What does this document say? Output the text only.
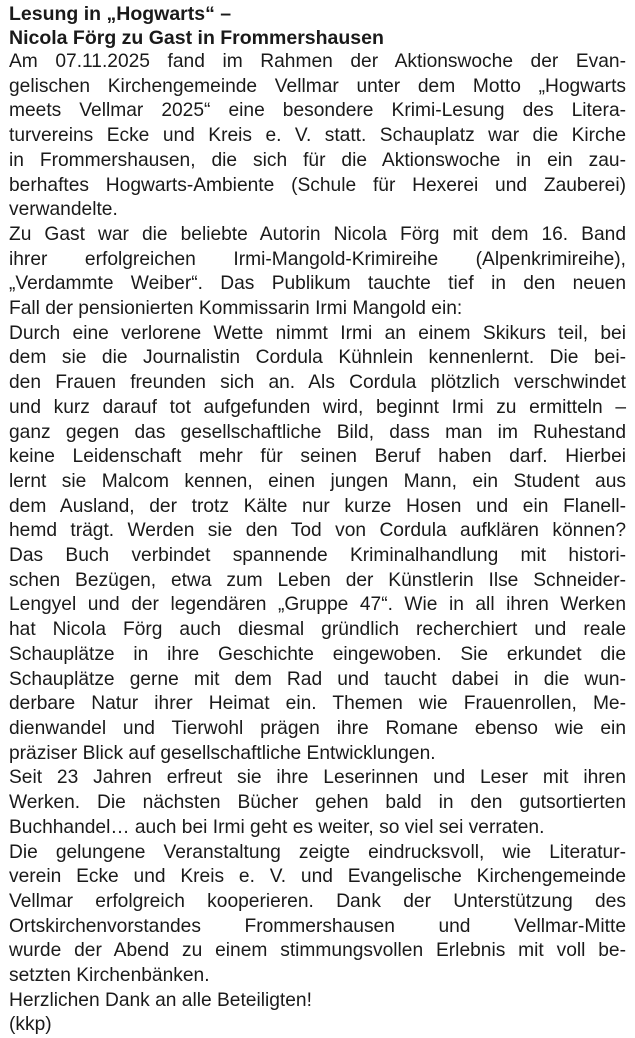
Lesung in „Hogwarts“ –
Nicola Förg zu Gast in Frommershausen
Am 07.11.2025 fand im Rahmen der Aktionswoche der Evan-
gelischen Kirchengemeinde Vellmar unter dem Motto „Hogwarts
meets Vellmar 2025“ eine besondere Krimi-Lesung des Litera-
turvereins Ecke und Kreis e. V. statt. Schauplatz war die Kirche
in Frommershausen, die sich für die Aktionswoche in ein zau-
berhaftes Hogwarts-Ambiente (Schule für Hexerei und Zauberei)
verwandelte.
Zu Gast war die beliebte Autorin Nicola Förg mit dem 16. Band
ihrer erfolgreichen Irmi-Mangold-Krimireihe (Alpenkrimireihe),
„Verdammte Weiber“. Das Publikum tauchte tief in den neuen
Fall der pensionierten Kommissarin Irmi Mangold ein:
Durch eine verlorene Wette nimmt Irmi an einem Skikurs teil, bei
dem sie die Journalistin Cordula Kühnlein kennenlernt. Die bei-
den Frauen freunden sich an. Als Cordula plötzlich verschwindet
und kurz darauf tot aufgefunden wird, beginnt Irmi zu ermitteln –
ganz gegen das gesellschaftliche Bild, dass man im Ruhestand
keine Leidenschaft mehr für seinen Beruf haben darf. Hierbei
lernt sie Malcom kennen, einen jungen Mann, ein Student aus
dem Ausland, der trotz Kälte nur kurze Hosen und ein Flanell-
hemd trägt. Werden sie den Tod von Cordula aufklären können?
Das Buch verbindet spannende Kriminalhandlung mit histori-
schen Bezügen, etwa zum Leben der Künstlerin Ilse Schneider-
Lengyel und der legendären „Gruppe 47“. Wie in all ihren Werken
hat Nicola Förg auch diesmal gründlich recherchiert und reale
Schauplätze in ihre Geschichte eingewoben. Sie erkundet die
Schauplätze gerne mit dem Rad und taucht dabei in die wun-
derbare Natur ihrer Heimat ein. Themen wie Frauenrollen, Me-
dienwandel und Tierwohl prägen ihre Romane ebenso wie ein
präziser Blick auf gesellschaftliche Entwicklungen.
Seit 23 Jahren erfreut sie ihre Leserinnen und Leser mit ihren
Werken. Die nächsten Bücher gehen bald in den gutsortierten
Buchhandel… auch bei Irmi geht es weiter, so viel sei verraten.
Die gelungene Veranstaltung zeigte eindrucksvoll, wie Literatur-
verein Ecke und Kreis e. V. und Evangelische Kirchengemeinde
Vellmar erfolgreich kooperieren. Dank der Unterstützung des
Ortskirchenvorstandes Frommershausen und Vellmar-Mitte
wurde der Abend zu einem stimmungsvollen Erlebnis mit voll be-
setzten Kirchenbänken.
Herzlichen Dank an alle Beteiligten!
(kkp)
